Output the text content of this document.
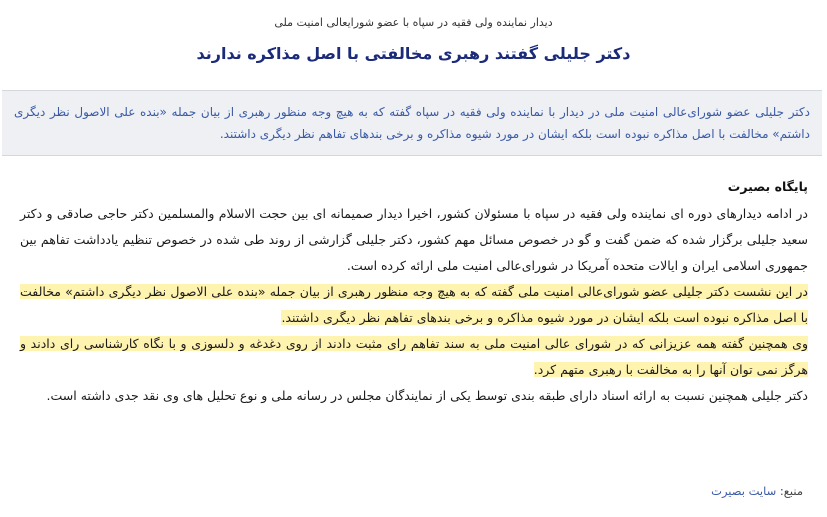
دیدار نماینده ولی فقیه در سپاه با عضو شورایعالی امنیت ملی
دکتر جلیلی گفتند رهبری مخالفتی با اصل مذاکره ندارند
دکتر جلیلی عضو شورای‌عالی امنیت ملی در دیدار با نماینده ولی فقیه در سپاه گفته که به هیچ وجه منظور رهبری از بیان جمله «بنده علی الاصول نظر دیگری داشتم» مخالفت با اصل مذاکره نبوده است بلکه ایشان در مورد شیوه مذاکره و برخی بندهای تفاهم نظر دیگری داشتند.
پایگاه بصیرت

در ادامه دیدارهای دوره ای نماینده ولی فقیه در سپاه با مسئولان کشور، اخیرا دیدار صمیمانه ای بین حجت الاسلام والمسلمین دکتر حاجی صادقی و دکتر سعید جلیلی برگزار شده که ضمن گفت و گو در خصوص مسائل مهم کشور، دکتر جلیلی گزارشی از روند طی شده در خصوص تنظیم یادداشت تفاهم بین جمهوری اسلامی ایران و ایالات متحده آمریکا در شورای‌عالی امنیت ملی ارائه کرده است.

در این نشست دکتر جلیلی عضو شورای‌عالی امنیت ملی گفته که به هیچ وجه منظور رهبری از بیان جمله «بنده علی الاصول نظر دیگری داشتم» مخالفت با اصل مذاکره نبوده است بلکه ایشان در مورد شیوه مذاکره و برخی بندهای تفاهم نظر دیگری داشتند.

وی همچنین گفته همه عزیزانی که در شورای عالی امنیت ملی به سند تفاهم رای مثبت دادند از روی دغدغه و دلسوزی و با نگاه کارشناسی رای دادند و هرگز نمی توان آنها را به مخالفت با رهبری متهم کرد.

دکتر جلیلی همچنین نسبت به ارائه اسناد دارای طبقه بندی توسط یکی از نمایندگان مجلس در رسانه ملی و نوع تحلیل های وی نقد جدی داشته است.

منبع: سایت بصیرت
